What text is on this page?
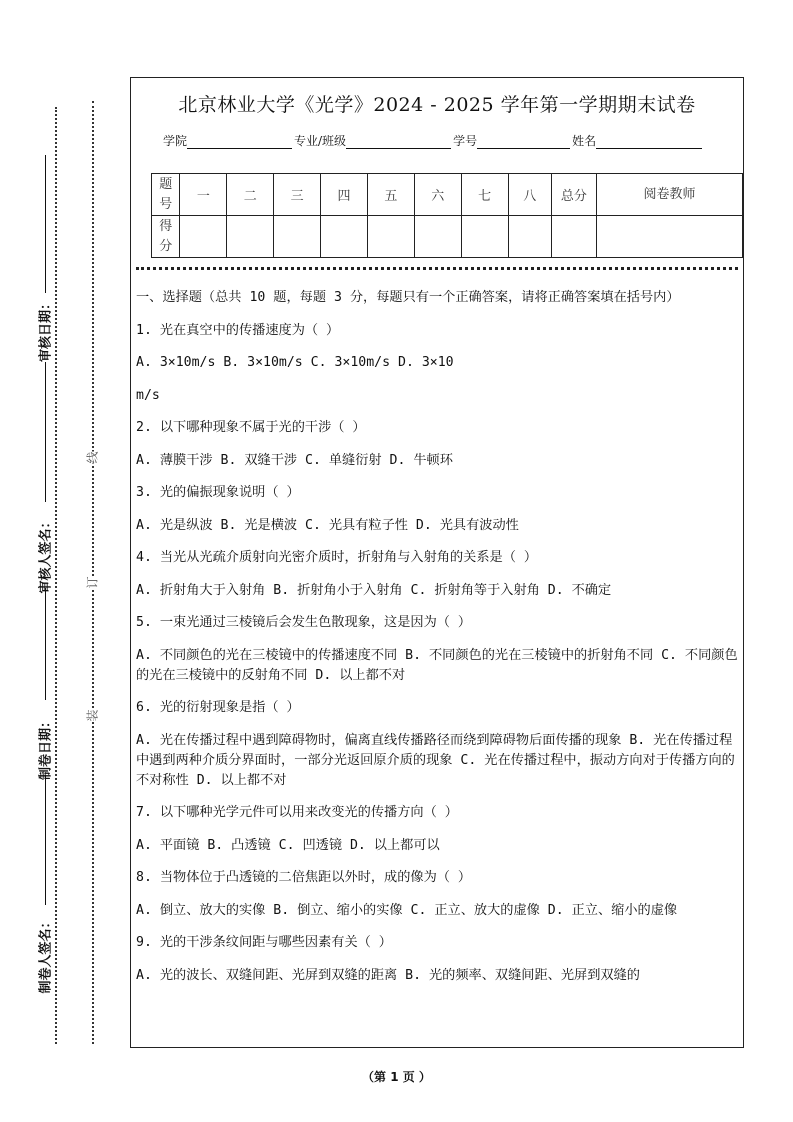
审核日期：
审核人签名：
制卷日期：
制卷人签名：
线
订
装
北京林业大学《光学》2024 - 2025 学年第一学期期末试卷
学院	专业/班级	学号	姓名
题号	一	二	三	四	五	六	七	八	总分	阅卷教师
得分										

一、选择题（总共 10 题，每题 3 分，每题只有一个正确答案，请将正确答案填在括号内）

1. 光在真空中的传播速度为（ ）

A. 3×10m/s B. 3×10m/s C. 3×10m/s D. 3×10

m/s

2. 以下哪种现象不属于光的干涉（ ）

A. 薄膜干涉 B. 双缝干涉 C. 单缝衍射 D. 牛顿环

3. 光的偏振现象说明（ ）

A. 光是纵波 B. 光是横波 C. 光具有粒子性 D. 光具有波动性

4. 当光从光疏介质射向光密介质时，折射角与入射角的关系是（ ）

A. 折射角大于入射角 B. 折射角小于入射角 C. 折射角等于入射角 D. 不确定

5. 一束光通过三棱镜后会发生色散现象，这是因为（ ）

A. 不同颜色的光在三棱镜中的传播速度不同 B. 不同颜色的光在三棱镜中的折射角不同 C. 不同颜色的光在三棱镜中的反射角不同 D. 以上都不对

6. 光的衍射现象是指（ ）

A. 光在传播过程中遇到障碍物时，偏离直线传播路径而绕到障碍物后面传播的现象 B. 光在传播过程中遇到两种介质分界面时，一部分光返回原介质的现象 C. 光在传播过程中，振动方向对于传播方向的不对称性 D. 以上都不对

7. 以下哪种光学元件可以用来改变光的传播方向（ ）

A. 平面镜 B. 凸透镜 C. 凹透镜 D. 以上都可以

8. 当物体位于凸透镜的二倍焦距以外时，成的像为（ ）

A. 倒立、放大的实像 B. 倒立、缩小的实像 C. 正立、放大的虚像 D. 正立、缩小的虚像

9. 光的干涉条纹间距与哪些因素有关（ ）

A. 光的波长、双缝间距、光屏到双缝的距离 B. 光的频率、双缝间距、光屏到双缝的

（第 1 页 ）
